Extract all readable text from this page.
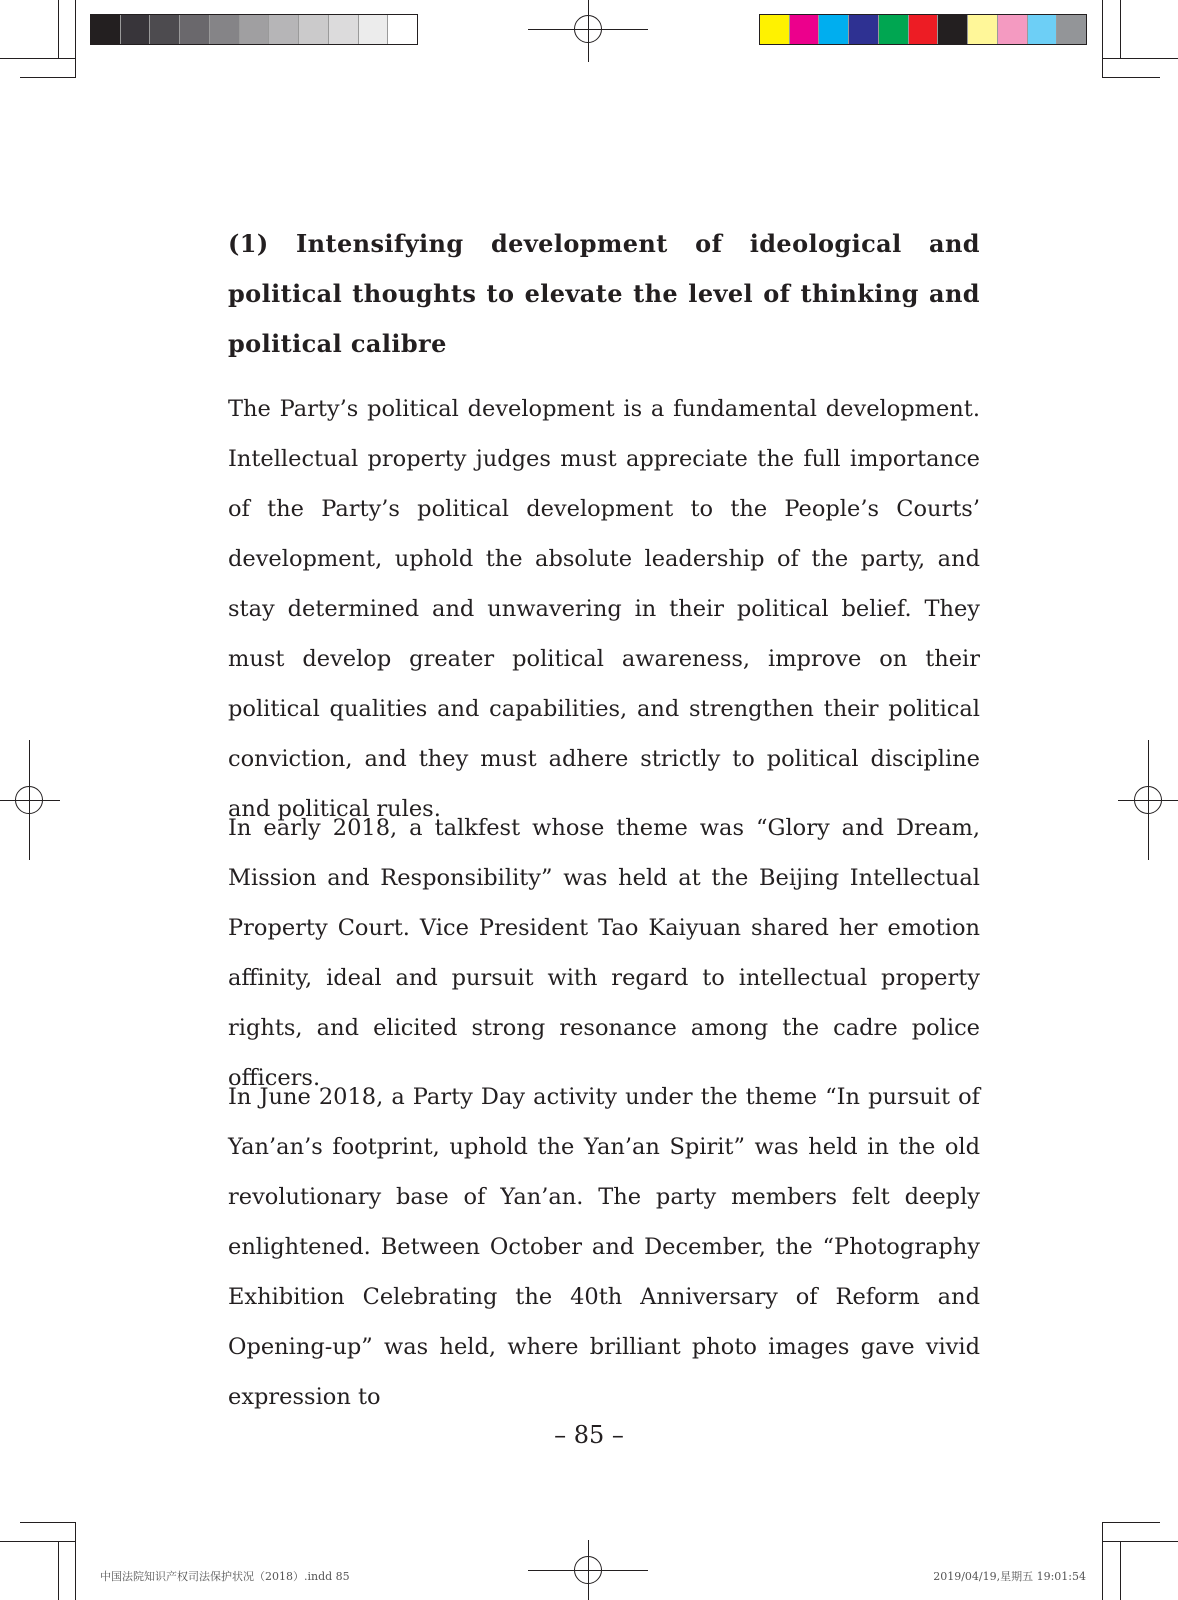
(1) Intensifying development of ideological and political thoughts to elevate the level of thinking and political calibre

The Party’s political development is a fundamental development. Intellectual property judges must appreciate the full importance of the Party’s political development to the People’s Courts’ development, uphold the absolute leadership of the party, and stay determined and unwavering in their political belief. They must develop greater political awareness, improve on their political qualities and capabilities, and strengthen their political conviction, and they must adhere strictly to political discipline and political rules.

In early 2018, a talkfest whose theme was “Glory and Dream, Mission and Responsibility” was held at the Beijing Intellectual Property Court. Vice President Tao Kaiyuan shared her emotion affinity, ideal and pursuit with regard to intellectual property rights, and elicited strong resonance among the cadre police officers.

In June 2018, a Party Day activity under the theme “In pursuit of Yan’an’s footprint, uphold the Yan’an Spirit” was held in the old revolutionary base of Yan’an. The party members felt deeply enlightened. Between October and December, the “Photography Exhibition Celebrating the 40th Anniversary of Reform and Opening-up” was held, where brilliant photo images gave vivid expression to

– 85 –
中国法院知识产权司法保护状况（2018）.indd 85	2019/04/19,星期五 19:01:54
